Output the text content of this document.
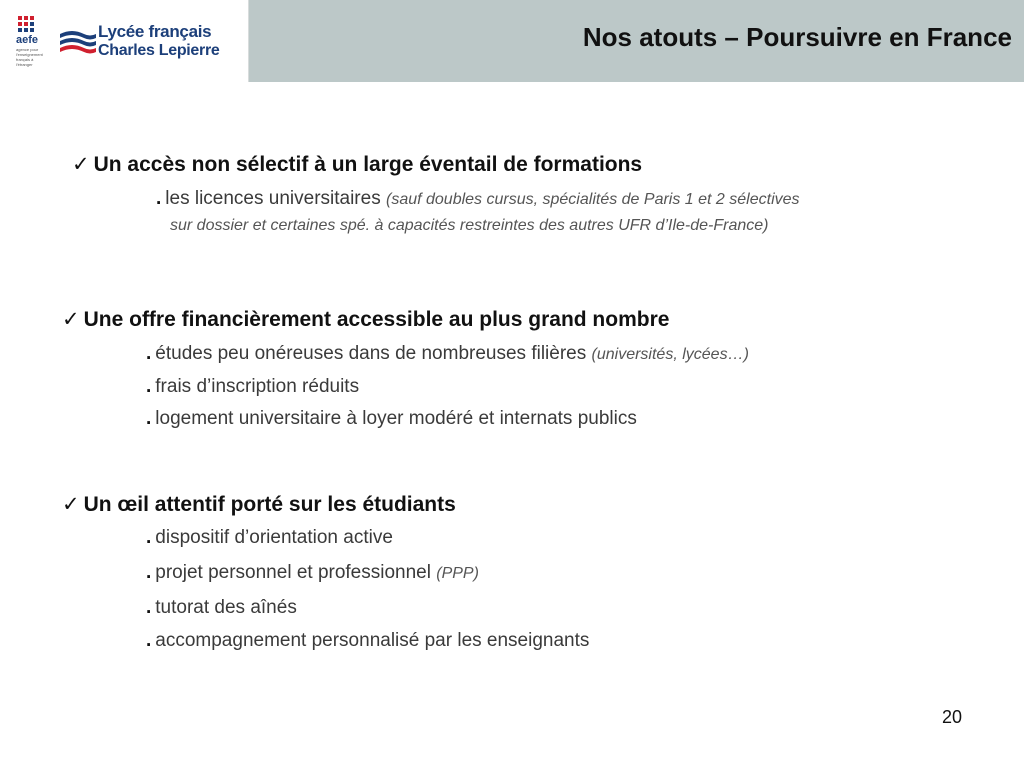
aefe
agence pour l'enseignement français à l'étranger
Lycée français
Charles Lepierre	Nos atouts – Poursuivre en France
✓ Un accès non sélectif à un large éventail de formations
. les licences universitaires (sauf doubles cursus, spécialités de Paris 1 et 2 sélectives
sur dossier et certaines spé. à capacités restreintes des autres UFR d’Ile-de-France)
✓ Une offre financièrement accessible au plus grand nombre
. études peu onéreuses dans de nombreuses filières (universités, lycées…)
. frais d’inscription réduits
. logement universitaire à loyer modéré et internats publics
✓ Un œil attentif porté sur les étudiants
. dispositif d’orientation active
. projet personnel et professionnel (PPP)
. tutorat des aînés
. accompagnement personnalisé par les enseignants
20
